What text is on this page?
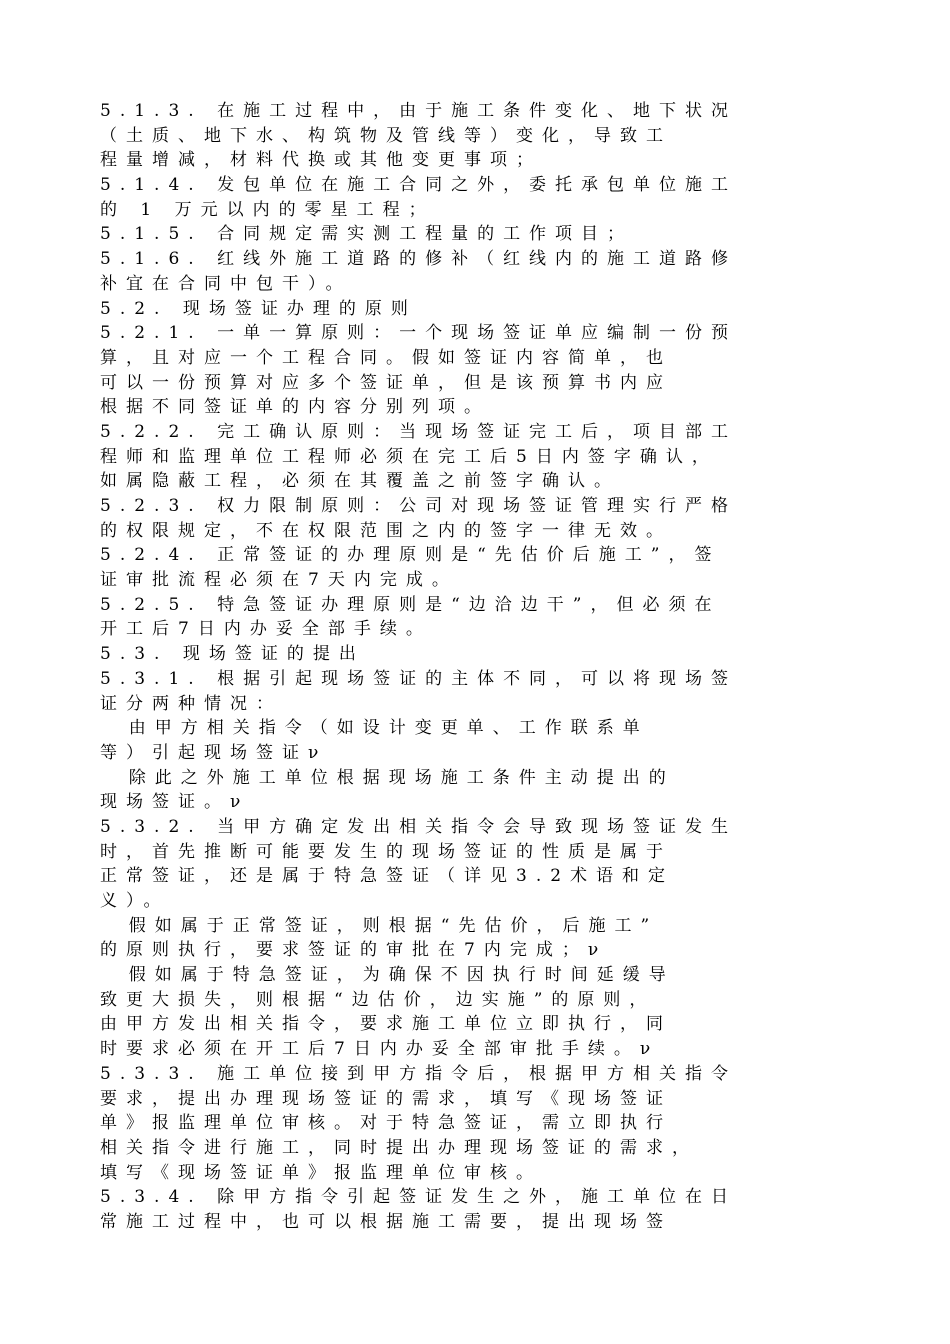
5.1.3. 在施工过程中，由于施工条件变化、地下状况
（土质、地下水、构筑物及管线等）变化，导致工
程量增减，材料代换或其他变更事项；
5.1.4. 发包单位在施工合同之外，委托承包单位施工
的 1 万元以内的零星工程；
5.1.5. 合同规定需实测工程量的工作项目；
5.1.6. 红线外施工道路的修补（红线内的施工道路修
补宜在合同中包干）。
5.2. 现场签证办理的原则
5.2.1. 一单一算原则：一个现场签证单应编制一份预
算，且对应一个工程合同。假如签证内容简单，也
可以一份预算对应多个签证单，但是该预算书内应
根据不同签证单的内容分别列项。
5.2.2. 完工确认原则：当现场签证完工后，项目部工
程师和监理单位工程师必须在完工后5日内签字确认，
如属隐蔽工程，必须在其覆盖之前签字确认。
5.2.3. 权力限制原则：公司对现场签证管理实行严格
的权限规定，不在权限范围之内的签字一律无效。
5.2.4. 正常签证的办理原则是“先估价后施工”，签
证审批流程必须在7天内完成。
5.2.5. 特急签证办理原则是“边洽边干”，但必须在
开工后7日内办妥全部手续。
5.3. 现场签证的提出
5.3.1. 根据引起现场签证的主体不同，可以将现场签
证分两种情况：
由甲方相关指令（如设计变更单、工作联系单
等）引起现场签证ν
除此之外施工单位根据现场施工条件主动提出的
现场签证。ν
5.3.2. 当甲方确定发出相关指令会导致现场签证发生
时，首先推断可能要发生的现场签证的性质是属于
正常签证，还是属于特急签证（详见3.2术语和定
义）。
假如属于正常签证，则根据“先估价，后施工”
的原则执行，要求签证的审批在7内完成；ν
假如属于特急签证，为确保不因执行时间延缓导
致更大损失，则根据“边估价，边实施”的原则，
由甲方发出相关指令，要求施工单位立即执行，同
时要求必须在开工后7日内办妥全部审批手续。ν
5.3.3. 施工单位接到甲方指令后，根据甲方相关指令
要求，提出办理现场签证的需求，填写《现场签证
单》报监理单位审核。对于特急签证，需立即执行
相关指令进行施工，同时提出办理现场签证的需求，
填写《现场签证单》报监理单位审核。
5.3.4. 除甲方指令引起签证发生之外，施工单位在日
常施工过程中，也可以根据施工需要，提出现场签
